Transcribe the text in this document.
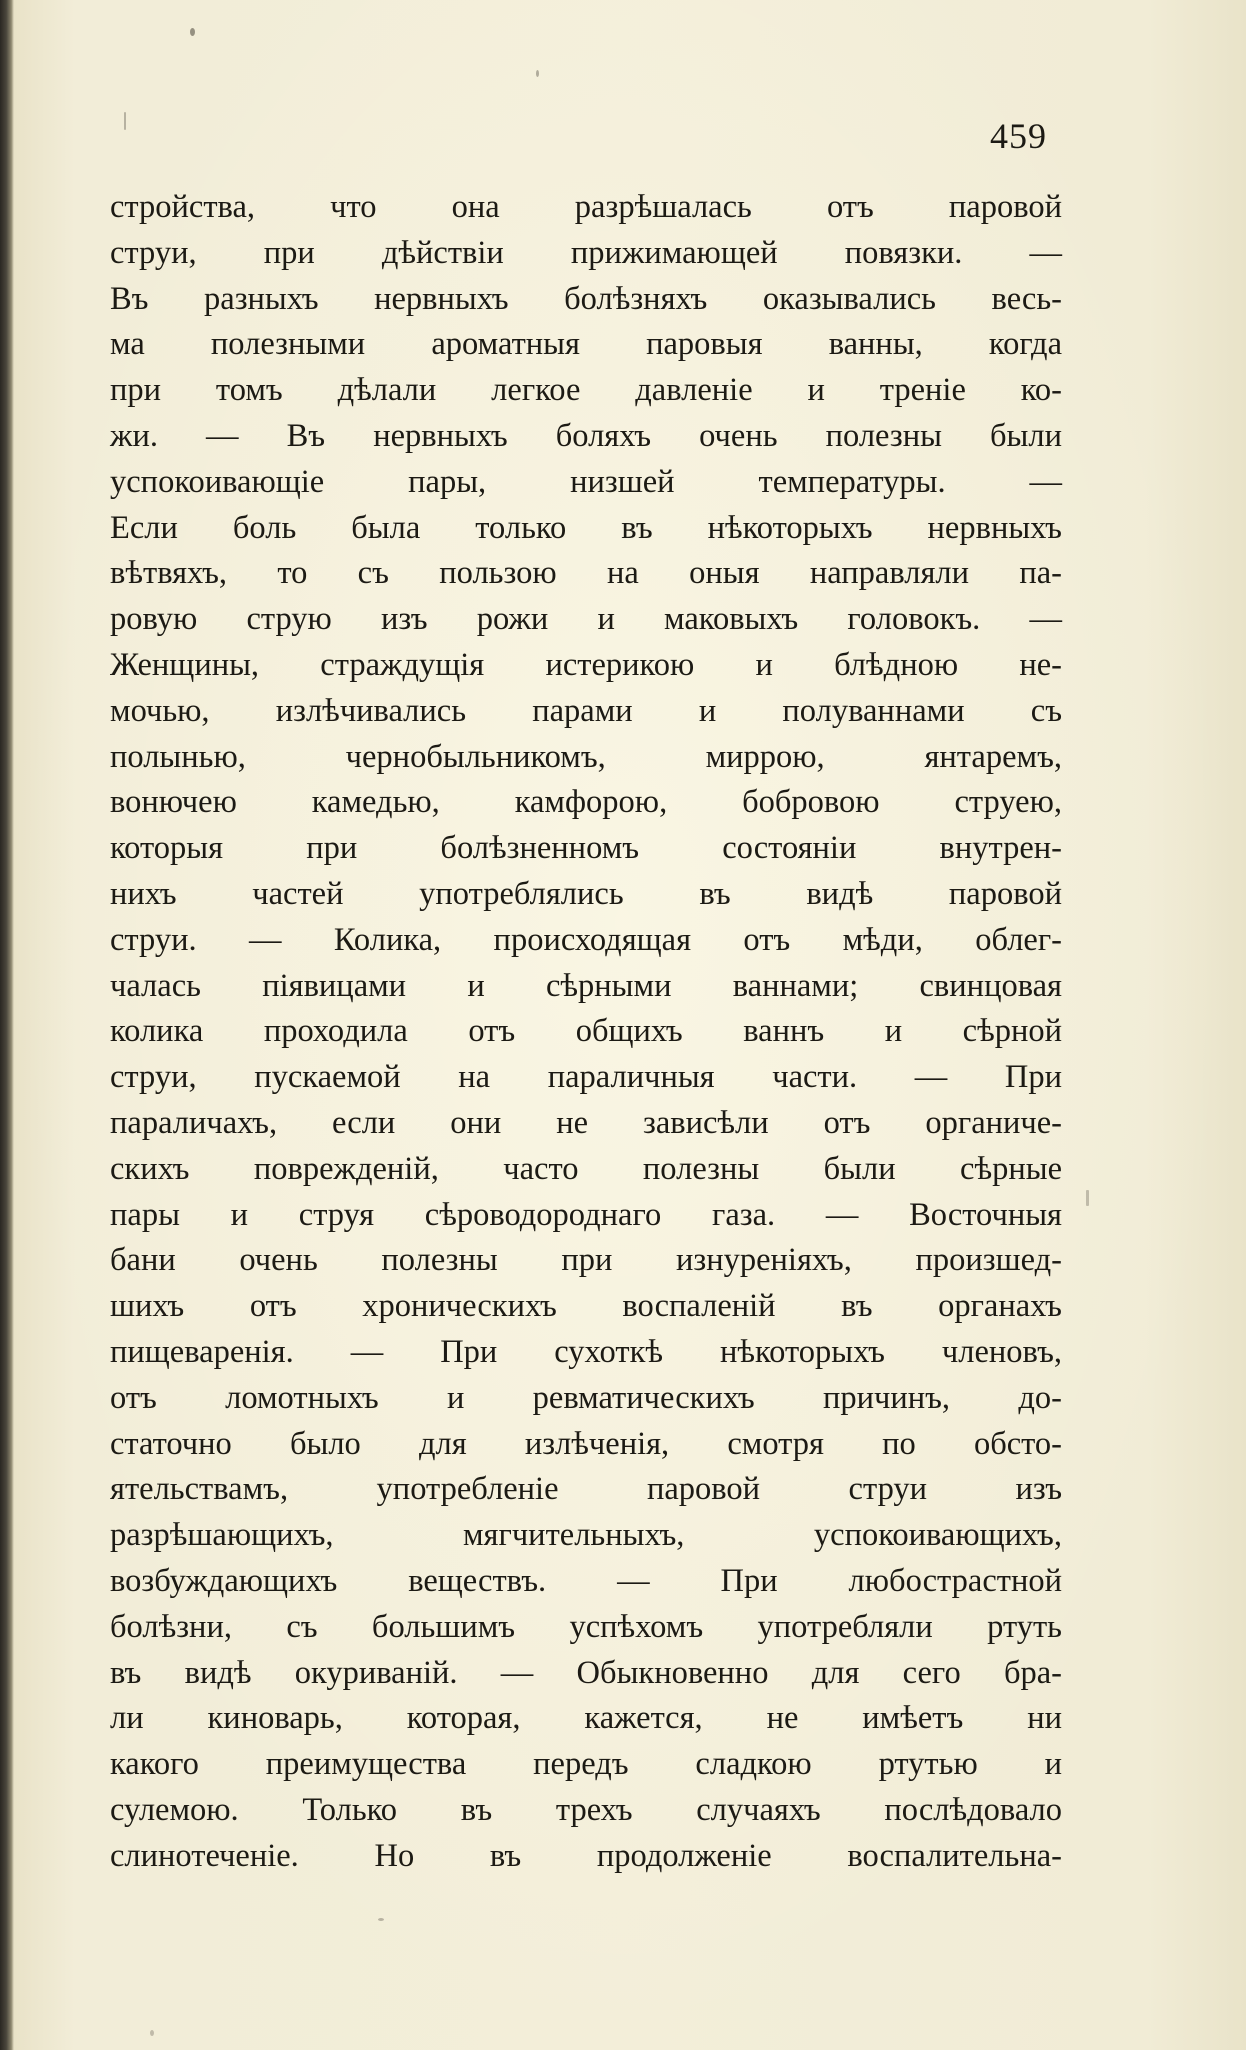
459
стройства, что она разрѣшалась отъ паровой
струи, при дѣйствіи прижимающей повязки. —
Въ разныхъ нервныхъ болѣзняхъ оказывались весь-
ма полезными ароматныя паровыя ванны, когда
при томъ дѣлали легкое давленіе и треніе ко-
жи. — Въ нервныхъ боляхъ очень полезны были
успокоивающіе пары, низшей температуры. —
Если боль была только въ нѣкоторыхъ нервныхъ
вѣтвяхъ, то съ пользою на оныя направляли па-
ровую струю изъ рожи и маковыхъ головокъ. —
Женщины, страждущія истерикою и блѣдною не-
мочью, излѣчивались парами и полуваннами съ
полынью, чернобыльникомъ, миррою, янтаремъ,
вонючею камедью, камфорою, бобровою струею,
которыя при болѣзненномъ состояніи внутрен-
нихъ частей употреблялись въ видѣ паровой
струи. — Колика, происходящая отъ мѣди, облег-
чалась піявицами и сѣрными ваннами; свинцовая
колика проходила отъ общихъ ваннъ и сѣрной
струи, пускаемой на параличныя части. — При
параличахъ, если они не зависѣли отъ органиче-
скихъ поврежденій, часто полезны были сѣрные
пары и струя сѣроводороднаго газа. — Восточныя
бани очень полезны при изнуреніяхъ, произшед-
шихъ отъ хроническихъ воспаленій въ органахъ
пищеваренія. — При сухоткѣ нѣкоторыхъ членовъ,
отъ ломотныхъ и ревматическихъ причинъ, до-
статочно было для излѣченія, смотря по обсто-
ятельствамъ, употребленіе паровой струи изъ
разрѣшающихъ, мягчительныхъ, успокоивающихъ,
возбуждающихъ веществъ. — При любострастной
болѣзни, съ большимъ успѣхомъ употребляли ртуть
въ видѣ окуриваній. — Обыкновенно для сего бра-
ли киноварь, которая, кажется, не имѣетъ ни
какого преимущества передъ сладкою ртутью и
сулемою. Только въ трехъ случаяхъ послѣдовало
слинотеченіе. Но въ продолженіе воспалительна-
